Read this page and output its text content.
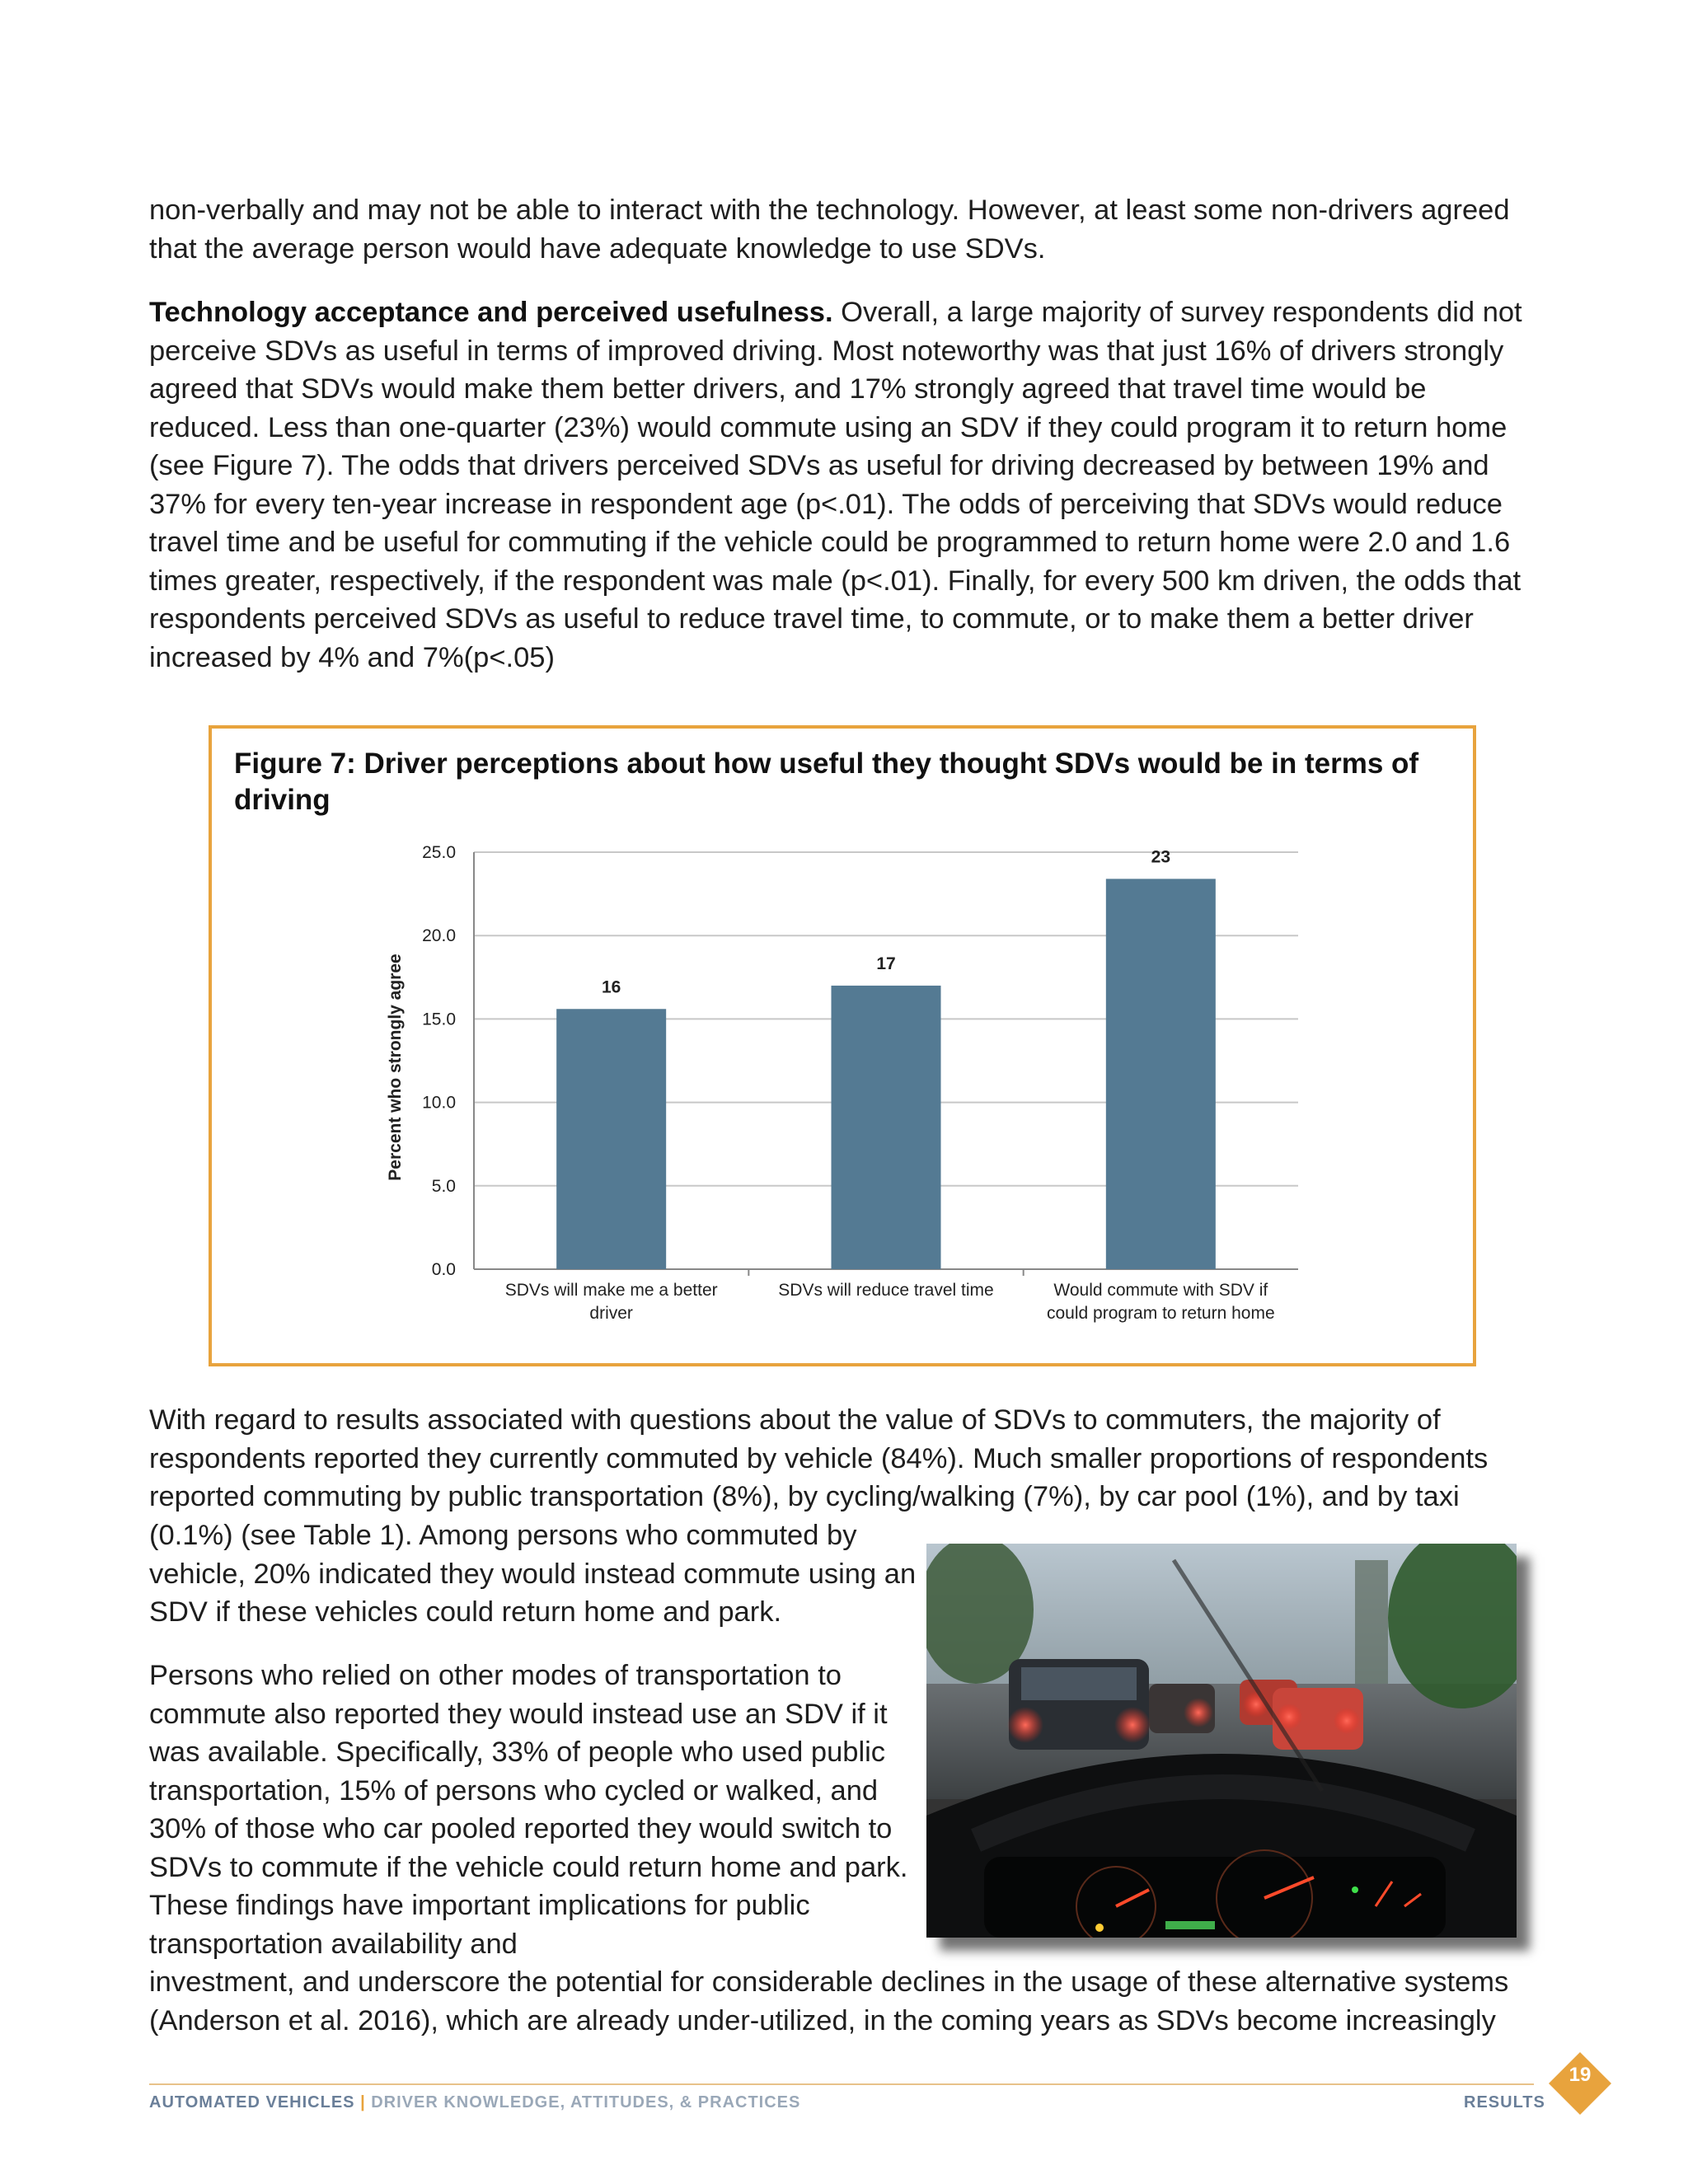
non-verbally and may not be able to interact with the technology. However, at least some non-drivers agreed that the average person would have adequate knowledge to use SDVs.

Technology acceptance and perceived usefulness. Overall, a large majority of survey respondents did not perceive SDVs as useful in terms of improved driving. Most noteworthy was that just 16% of drivers strongly agreed that SDVs would make them better drivers, and 17% strongly agreed that travel time would be reduced. Less than one-quarter (23%) would commute using an SDV if they could program it to return home (see Figure 7). The odds that drivers perceived SDVs as useful for driving decreased by between 19% and 37% for every ten-year increase in respondent age (p<.01). The odds of perceiving that SDVs would reduce travel time and be useful for commuting if the vehicle could be programmed to return home were 2.0 and 1.6 times greater, respectively, if the respondent was male (p<.01). Finally, for every 500 km driven, the odds that respondents perceived SDVs as useful to reduce travel time, to commute, or to make them a better driver increased by 4% and 7%(p<.05)

Figure 7: Driver perceptions about how useful they thought SDVs would be in terms of driving

0.0
5.0
10.0
15.0
20.0
25.0
Percent who strongly agree	16
SDVs will make me a better
driver
17
SDVs will reduce travel time
23
Would commute with SDV if
could program to return home

With regard to results associated with questions about the value of SDVs to commuters, the majority of respondents reported they currently commuted by vehicle (84%). Much smaller proportions of respondents reported commuting by public transportation (8%), by cycling/walking (7%), by car pool (1%), and by taxi

(0.1%) (see Table 1). Among persons who commuted by vehicle, 20% indicated they would instead commute using an SDV if these vehicles could return home and park.

Persons who relied on other modes of transportation to commute also reported they would instead use an SDV if it was available. Specifically, 33% of people who used public transportation, 15% of persons who cycled or walked, and 30% of those who car pooled reported they would switch to SDVs to commute if the vehicle could return home and park. These findings have important implications for public transportation availability and

investment, and underscore the potential for considerable declines in the usage of these alternative systems (Anderson et al. 2016), which are already under-utilized, in the coming years as SDVs become increasingly

AUTOMATED VEHICLES | DRIVER KNOWLEDGE, ATTITUDES, & PRACTICES	RESULTS
19
